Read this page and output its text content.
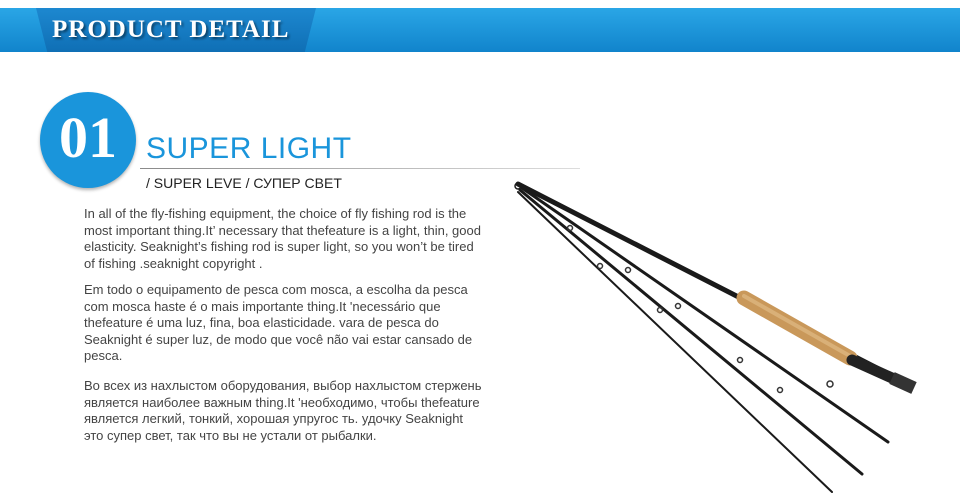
PRODUCT DETAIL
01 SUPER LIGHT
/ SUPER LEVE / СУПЕР СВЕТ
In all of the fly-fishing equipment, the choice of fly fishing rod is the most important thing.It’ necessary that thefeature is a light, thin, good elasticity. Seaknight’s fishing rod is super light, so you won’t be tired of fishing .seaknight copyright .
Em todo o equipamento de pesca com mosca, a escolha da pesca com mosca haste é o mais importante thing.It 'necessário que thefeature é uma luz, fina, boa elasticidade. vara de pesca do Seaknight é super luz, de modo que você não vai estar cansado de pesca.
Во всех из нахлыстом оборудования, выбор нахлыстом стержень является наиболее важным thing.It 'необходимо, чтобы thefeature является легкий, тонкий, хорошая упругос ть. удочку Seaknight это супер свет, так что вы не устали от рыбалки.
